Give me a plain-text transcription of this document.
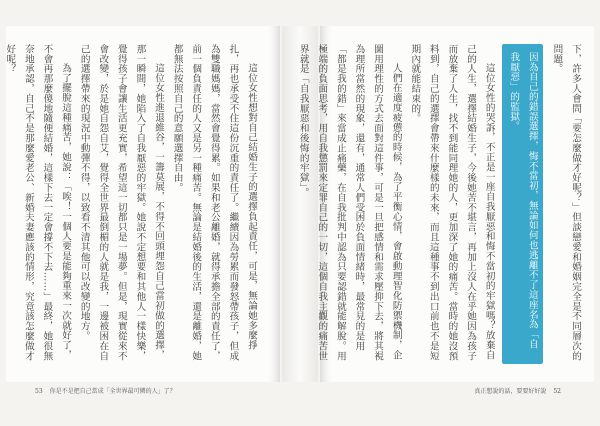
這位女性想對自己結婚生子的選擇負起責任，可是，無論她多麼掙扎，再也承受不住這份沉重的責任了。繼續因為勞累而發怒帶孩子，但成為雙職媽媽，當然會覺得累。如果和老公離婚，就得承擔全部的責任了，前一個負責任的人又是另一種痛苦。無論是結婚後的生活，還是離婚，她都無法按照自己的意願選擇自由。

這位女性進退維谷，一籌莫展，不得不回頭埋怨自己當初做的選擇，那一瞬間，她陷入了自我厭惡的牢獄。她說不定想要和其他人一樣快樂，覺得孩子會讓生活更充實，希望這一切都只是一場夢。但是，現實從來不會改變，於是她自怨自艾，覺得全世界最倒楣的人就是我，一邊被困在自己的選擇帶來的現況中動彈不得，以致看不清其他可以改變的地方。

為了擺脫這種痛苦，她說：「唉！一個人要是能夠重來一次就好了，不會再那麼傻地隨便結婚，這樣下去一定會撐不下去……」最終，她很無奈地承認，自己不是那麼愛老公、新婚夫妻應該的情形，究竟該怎麼做才好呢？

53 你是不是把自己當成「全世界最可憐的人」了？

下，許多人會問「要怎麼做才好呢？」但談戀愛和婚姻完全是不同層次的問題。

因為自己的錯誤選擇，悔不當初，無論如何也逃離不了這座名為「自我厭惡」的監獄。

這位女性的哭訴，不正是一座自我厭惡和悔不當初的牢獄嗎？放棄自己的人生，選擇結婚生子，今後她苦不堪言，再加上沒人在乎她因為孩子而放棄了人生，找不到能同理她的人，更加深了她的痛苦。當時的她沒預料到，自己的選擇會帶來什麼樣的未來，而且這種事不到出口前也不是短期內就能結束的。

人們在適度疲憊的時候，為了平衡心情，會啟動理智化防禦機制，企圖用理性的方式去面對這件事，可是一旦把感情和需求壓抑下去，將其視為理所當然的現象，還有，通常人們受困於負面情緒時，最常見的是用「都是我的錯」來當成止痛藥，在自我批判中認為只要認錯就能解脫。用極端的負面思考，用自我懲罰來定罪自己的一切，這個自我主觀的痛苦世界就是「自我厭惡和後悔的牢獄」。

真正想說的話，要要好好說 52
